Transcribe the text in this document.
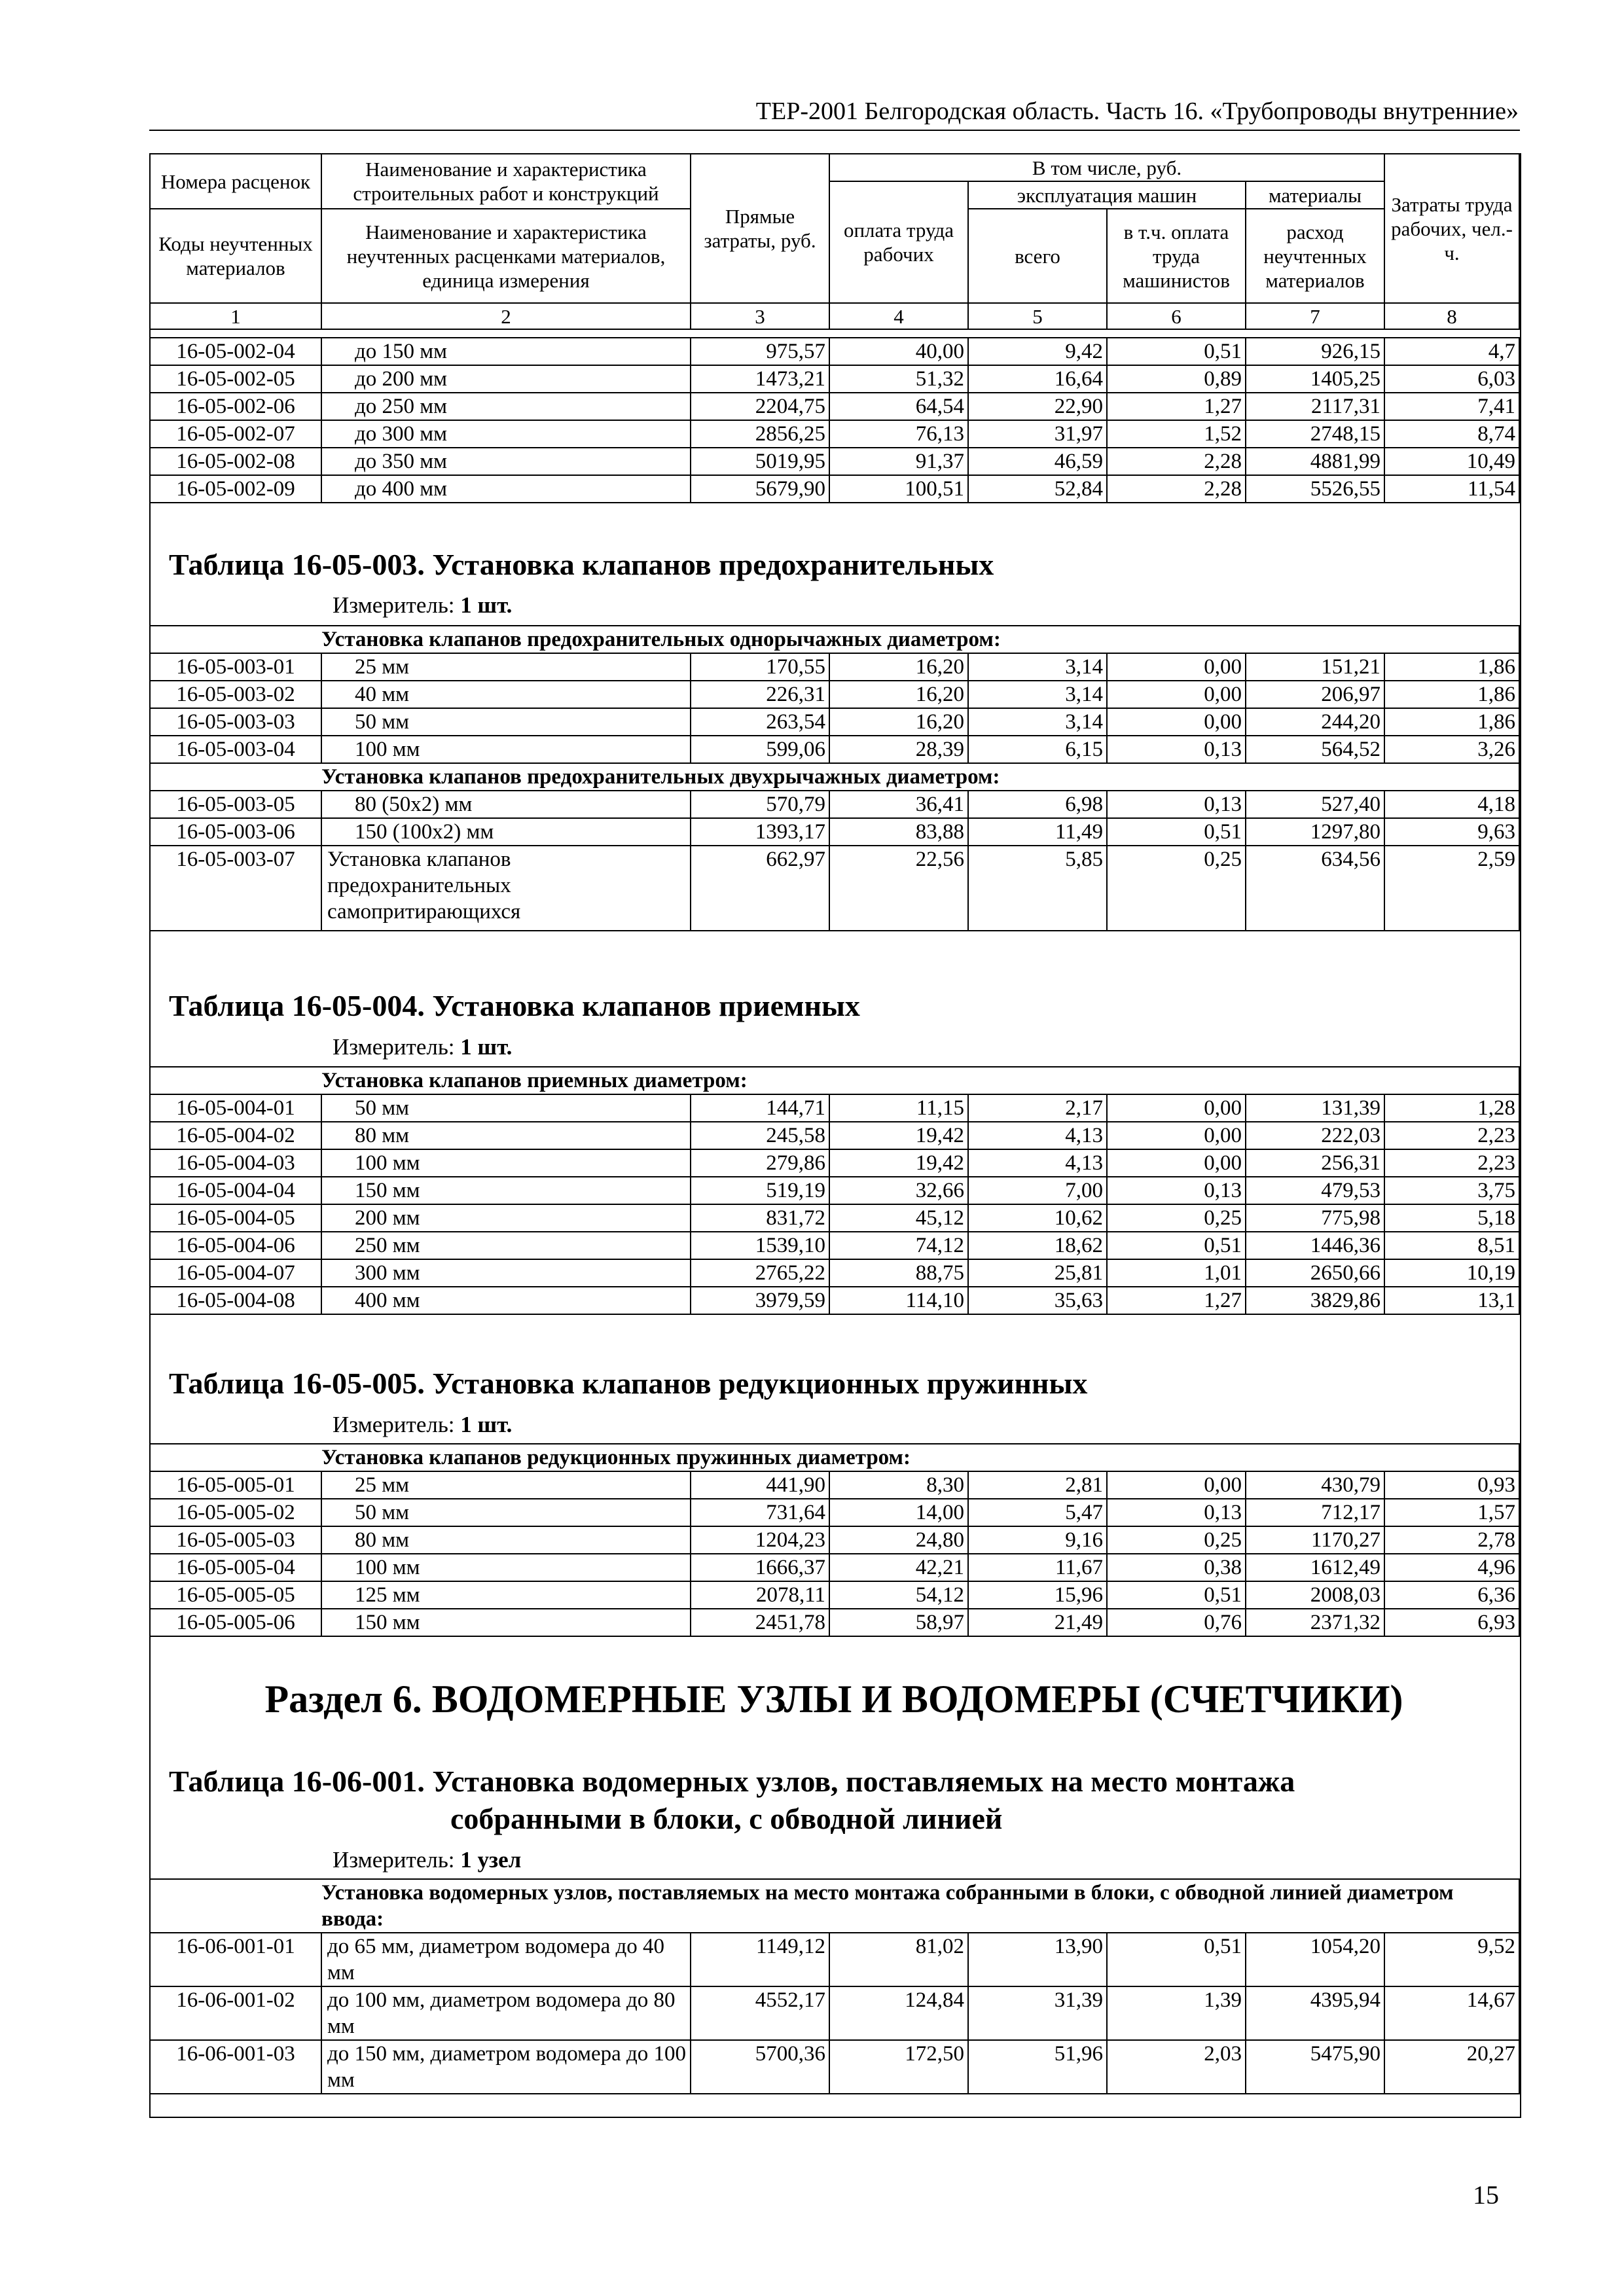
ТЕР-2001 Белгородская область. Часть 16. «Трубопроводы внутренние»
Номера расценок	Наименование и характеристика строительных работ и конструкций	Прямые затраты, руб.	В том числе, руб.				Затраты труда рабочих, чел.-ч.
			оплата труда рабочих	эксплуатация машин		материалы	
Коды неучтенных материалов	Наименование и характеристика неучтенных расценками материалов, единица измерения			всего	в т.ч. оплата труда машинистов	расход неучтенных материалов	

1	2	3	4	5	6	7	8
16-05-002-04	до 150 мм	975,57	40,00	9,42	0,51	926,15	4,7
16-05-002-05	до 200 мм	1473,21	51,32	16,64	0,89	1405,25	6,03
16-05-002-06	до 250 мм	2204,75	64,54	22,90	1,27	2117,31	7,41
16-05-002-07	до 300 мм	2856,25	76,13	31,97	1,52	2748,15	8,74
16-05-002-08	до 350 мм	5019,95	91,37	46,59	2,28	4881,99	10,49
16-05-002-09	до 400 мм	5679,90	100,51	52,84	2,28	5526,55	11,54
Таблица 16-05-003. Установка клапанов предохранительных
Измеритель: 1 шт.
	Установка клапанов предохранительных однорычажных диаметром:						
16-05-003-01	25 мм	170,55	16,20	3,14	0,00	151,21	1,86
16-05-003-02	40 мм	226,31	16,20	3,14	0,00	206,97	1,86
16-05-003-03	50 мм	263,54	16,20	3,14	0,00	244,20	1,86
16-05-003-04	100 мм	599,06	28,39	6,15	0,13	564,52	3,26
	Установка клапанов предохранительных двухрычажных диаметром:						
16-05-003-05	80 (50х2) мм	570,79	36,41	6,98	0,13	527,40	4,18
16-05-003-06	150 (100х2) мм	1393,17	83,88	11,49	0,51	1297,80	9,63
16-05-003-07	Установка клапанов предохранительных самопритирающихся	662,97	22,56	5,85	0,25	634,56	2,59
Таблица 16-05-004. Установка клапанов приемных
Измеритель: 1 шт.
	Установка клапанов приемных диаметром:						
16-05-004-01	50 мм	144,71	11,15	2,17	0,00	131,39	1,28
16-05-004-02	80 мм	245,58	19,42	4,13	0,00	222,03	2,23
16-05-004-03	100 мм	279,86	19,42	4,13	0,00	256,31	2,23
16-05-004-04	150 мм	519,19	32,66	7,00	0,13	479,53	3,75
16-05-004-05	200 мм	831,72	45,12	10,62	0,25	775,98	5,18
16-05-004-06	250 мм	1539,10	74,12	18,62	0,51	1446,36	8,51
16-05-004-07	300 мм	2765,22	88,75	25,81	1,01	2650,66	10,19
16-05-004-08	400 мм	3979,59	114,10	35,63	1,27	3829,86	13,1
Таблица 16-05-005. Установка клапанов редукционных пружинных
Измеритель: 1 шт.
	Установка клапанов редукционных пружинных диаметром:						
16-05-005-01	25 мм	441,90	8,30	2,81	0,00	430,79	0,93
16-05-005-02	50 мм	731,64	14,00	5,47	0,13	712,17	1,57
16-05-005-03	80 мм	1204,23	24,80	9,16	0,25	1170,27	2,78
16-05-005-04	100 мм	1666,37	42,21	11,67	0,38	1612,49	4,96
16-05-005-05	125 мм	2078,11	54,12	15,96	0,51	2008,03	6,36
16-05-005-06	150 мм	2451,78	58,97	21,49	0,76	2371,32	6,93
Раздел 6. ВОДОМЕРНЫЕ УЗЛЫ И ВОДОМЕРЫ (СЧЕТЧИКИ)
Таблица 16-06-001. Установка водомерных узлов, поставляемых на место монтажа
собранными в блоки, с обводной линией
Измеритель: 1 узел
	Установка водомерных узлов, поставляемых на место монтажа собранными в блоки, с обводной линией диаметром ввода:						
16-06-001-01	до 65 мм, диаметром водомера до 40 мм	1149,12	81,02	13,90	0,51	1054,20	9,52
16-06-001-02	до 100 мм, диаметром водомера до 80 мм	4552,17	124,84	31,39	1,39	4395,94	14,67
16-06-001-03	до 150 мм, диаметром водомера до 100 мм	5700,36	172,50	51,96	2,03	5475,90	20,27
15
